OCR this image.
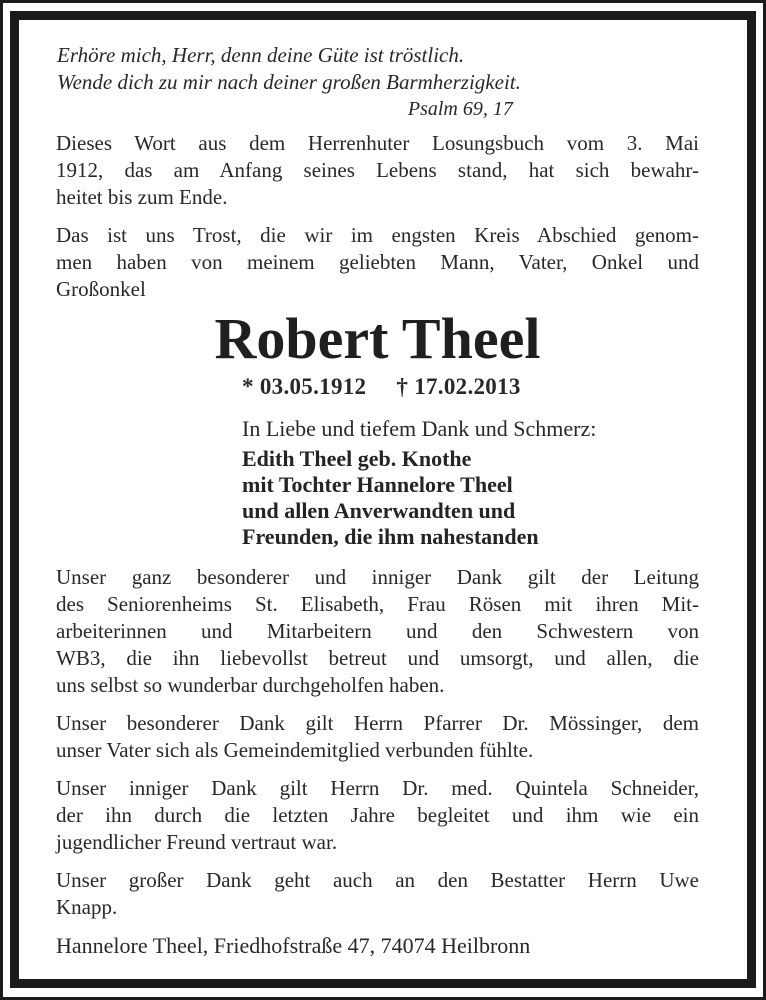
Erhöre mich, Herr, denn deine Güte ist tröstlich.
Wende dich zu mir nach deiner großen Barmherzigkeit.
Psalm 69, 17
Dieses Wort aus dem Herrenhuter Losungsbuch vom 3. Mai
1912, das am Anfang seines Lebens stand, hat sich bewahr-
heitet bis zum Ende.
Das ist uns Trost, die wir im engsten Kreis Abschied genom-
men haben von meinem geliebten Mann, Vater, Onkel und
Großonkel
Robert Theel
* 03.05.1912 † 17.02.2013
In Liebe und tiefem Dank und Schmerz:
Edith Theel geb. Knothe
mit Tochter Hannelore Theel
und allen Anverwandten und
Freunden, die ihm nahestanden
Unser ganz besonderer und inniger Dank gilt der Leitung
des Seniorenheims St. Elisabeth, Frau Rösen mit ihren Mit-
arbeiterinnen und Mitarbeitern und den Schwestern von
WB3, die ihn liebevollst betreut und umsorgt, und allen, die
uns selbst so wunderbar durchgeholfen haben.
Unser besonderer Dank gilt Herrn Pfarrer Dr. Mössinger, dem
unser Vater sich als Gemeindemitglied verbunden fühlte.
Unser inniger Dank gilt Herrn Dr. med. Quintela Schneider,
der ihn durch die letzten Jahre begleitet und ihm wie ein
jugendlicher Freund vertraut war.
Unser großer Dank geht auch an den Bestatter Herrn Uwe
Knapp.
Hannelore Theel, Friedhofstraße 47, 74074 Heilbronn
